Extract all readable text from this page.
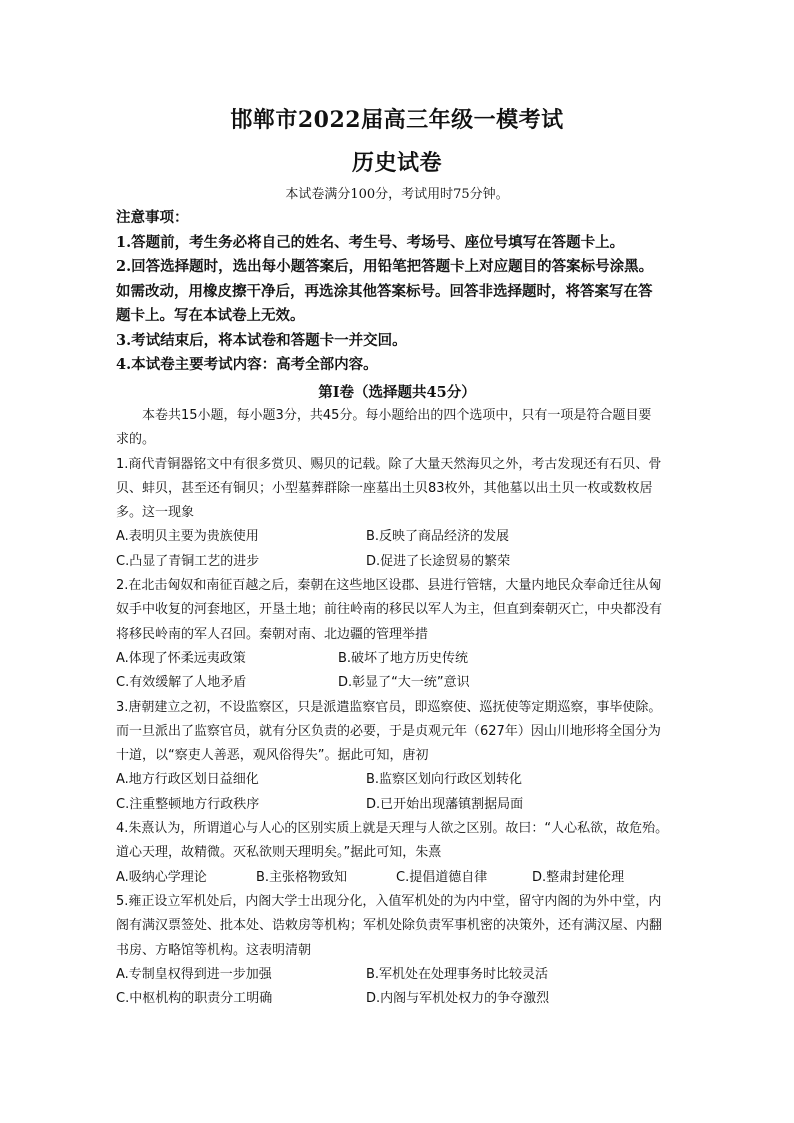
邯郸市2022届高三年级一模考试
历史试卷
本试卷满分100分，考试用时75分钟。
注意事项：
1.答题前，考生务必将自己的姓名、考生号、考场号、座位号填写在答题卡上。
2.回答选择题时，选出每小题答案后，用铅笔把答题卡上对应题目的答案标号涂黑。
如需改动，用橡皮擦干净后，再选涂其他答案标号。回答非选择题时，将答案写在答
题卡上。写在本试卷上无效。
3.考试结束后，将本试卷和答题卡一并交回。
4.本试卷主要考试内容：高考全部内容。
第Ⅰ卷（选择题共45分）
本卷共15小题，每小题3分，共45分。每小题给出的四个选项中，只有一项是符合题目要
求的。
1.商代青铜器铭文中有很多赏贝、赐贝的记载。除了大量天然海贝之外，考古发现还有石贝、骨
贝、蚌贝，甚至还有铜贝；小型墓葬群除一座墓出土贝83枚外，其他墓以出土贝一枚或数枚居
多。这一现象
A.表明贝主要为贵族使用	B.反映了商品经济的发展
C.凸显了青铜工艺的进步	D.促进了长途贸易的繁荣
2.在北击匈奴和南征百越之后，秦朝在这些地区设郡、县进行管辖，大量内地民众奉命迁往从匈
奴手中收复的河套地区，开垦土地；前往岭南的移民以军人为主，但直到秦朝灭亡，中央都没有
将移民岭南的军人召回。秦朝对南、北边疆的管理举措
A.体现了怀柔远夷政策	B.破坏了地方历史传统
C.有效缓解了人地矛盾	D.彰显了“大一统”意识
3.唐朝建立之初，不设监察区，只是派遣监察官员，即巡察使、巡抚使等定期巡察，事毕使除。
而一旦派出了监察官员，就有分区负责的必要，于是贞观元年（627年）因山川地形将全国分为
十道，以“察吏人善恶，观风俗得失”。据此可知，唐初
A.地方行政区划日益细化	B.监察区划向行政区划转化
C.注重整顿地方行政秩序	D.已开始出现藩镇割据局面
4.朱熹认为，所谓道心与人心的区别实质上就是天理与人欲之区别。故曰：“人心私欲，故危殆。
道心天理，故精微。灭私欲则天理明矣。”据此可知，朱熹
A.吸纳心学理论	B.主张格物致知	C.提倡道德自律	D.整肃封建伦理
5.雍正设立军机处后，内阁大学士出现分化，入值军机处的为内中堂，留守内阁的为外中堂，内
阁有满汉票签处、批本处、诰敕房等机构；军机处除负责军事机密的决策外，还有满汉屋、内翻
书房、方略馆等机构。这表明清朝
A.专制皇权得到进一步加强	B.军机处在处理事务时比较灵活
C.中枢机构的职责分工明确	D.内阁与军机处权力的争夺激烈
